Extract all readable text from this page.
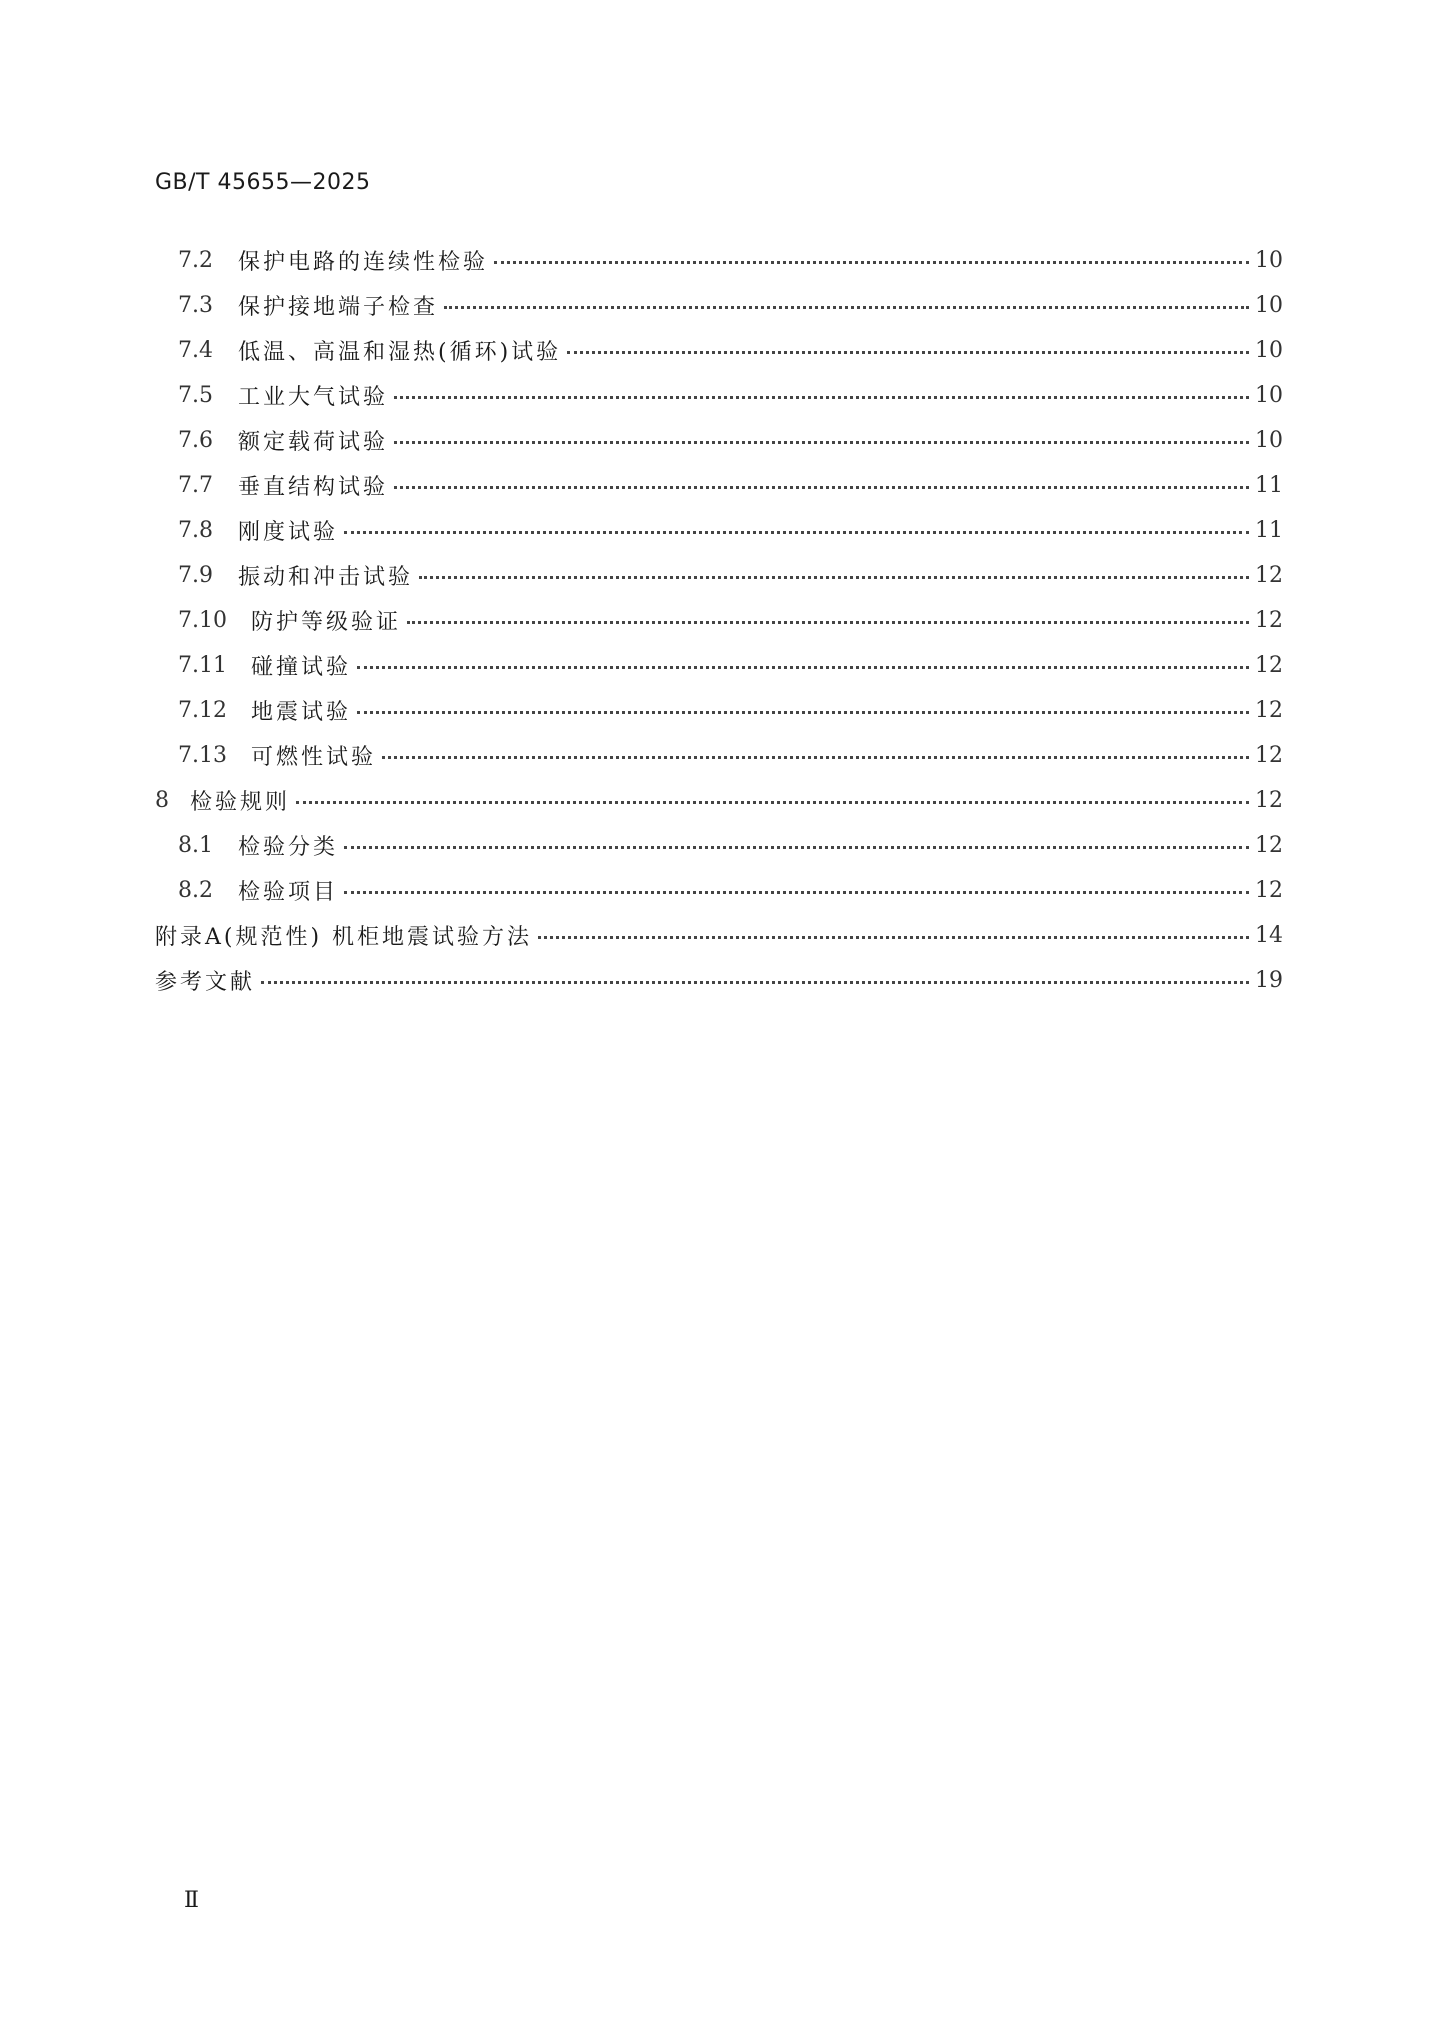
GB/T 45655—2025
7.2	保护电路的连续性检验	10
7.3	保护接地端子检查	10
7.4	低温、高温和湿热(循环)试验	10
7.5	工业大气试验	10
7.6	额定载荷试验	10
7.7	垂直结构试验	11
7.8	刚度试验	11
7.9	振动和冲击试验	12
7.10	防护等级验证	12
7.11	碰撞试验	12
7.12	地震试验	12
7.13	可燃性试验	12
8 检验规则	12
8.1	检验分类	12
8.2	检验项目	12
附录A(规范性) 机柜地震试验方法	14
参考文献	19
Ⅱ
